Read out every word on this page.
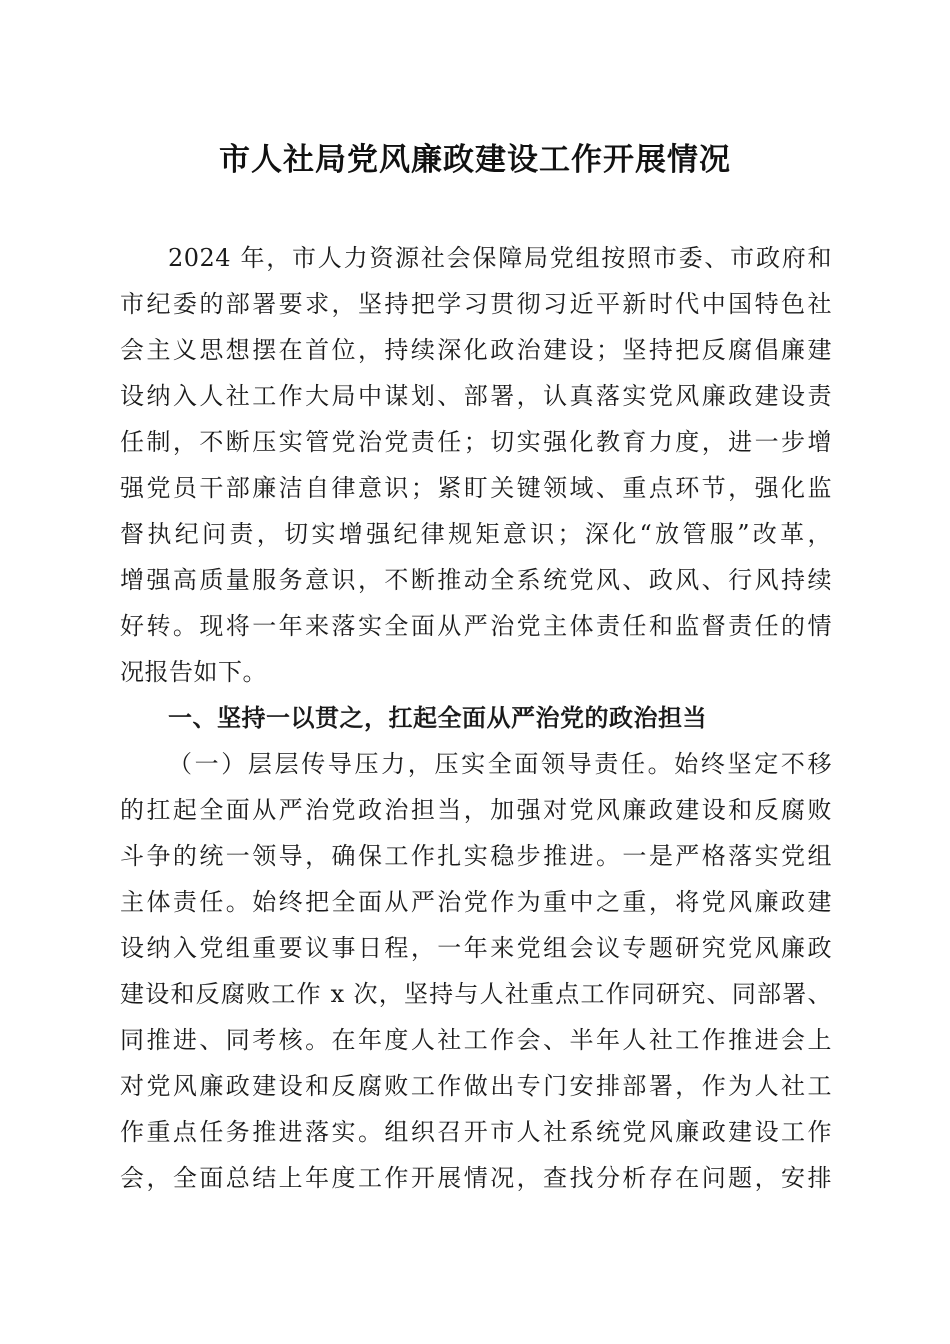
市人社局党风廉政建设工作开展情况
2024 年，市人力资源社会保障局党组按照市委、市政府和
市纪委的部署要求，坚持把学习贯彻习近平新时代中国特色社
会主义思想摆在首位，持续深化政治建设；坚持把反腐倡廉建
设纳入人社工作大局中谋划、部署，认真落实党风廉政建设责
任制，不断压实管党治党责任；切实强化教育力度，进一步增
强党员干部廉洁自律意识；紧盯关键领域、重点环节，强化监
督执纪问责，切实增强纪律规矩意识；深化“放管服”改革，
增强高质量服务意识，不断推动全系统党风、政风、行风持续
好转。现将一年来落实全面从严治党主体责任和监督责任的情
况报告如下。
一、坚持一以贯之，扛起全面从严治党的政治担当
（一）层层传导压力，压实全面领导责任。始终坚定不移
的扛起全面从严治党政治担当，加强对党风廉政建设和反腐败
斗争的统一领导，确保工作扎实稳步推进。一是严格落实党组
主体责任。始终把全面从严治党作为重中之重，将党风廉政建
设纳入党组重要议事日程，一年来党组会议专题研究党风廉政
建设和反腐败工作 x 次，坚持与人社重点工作同研究、同部署、
同推进、同考核。在年度人社工作会、半年人社工作推进会上
对党风廉政建设和反腐败工作做出专门安排部署，作为人社工
作重点任务推进落实。组织召开市人社系统党风廉政建设工作
会，全面总结上年度工作开展情况，查找分析存在问题，安排
